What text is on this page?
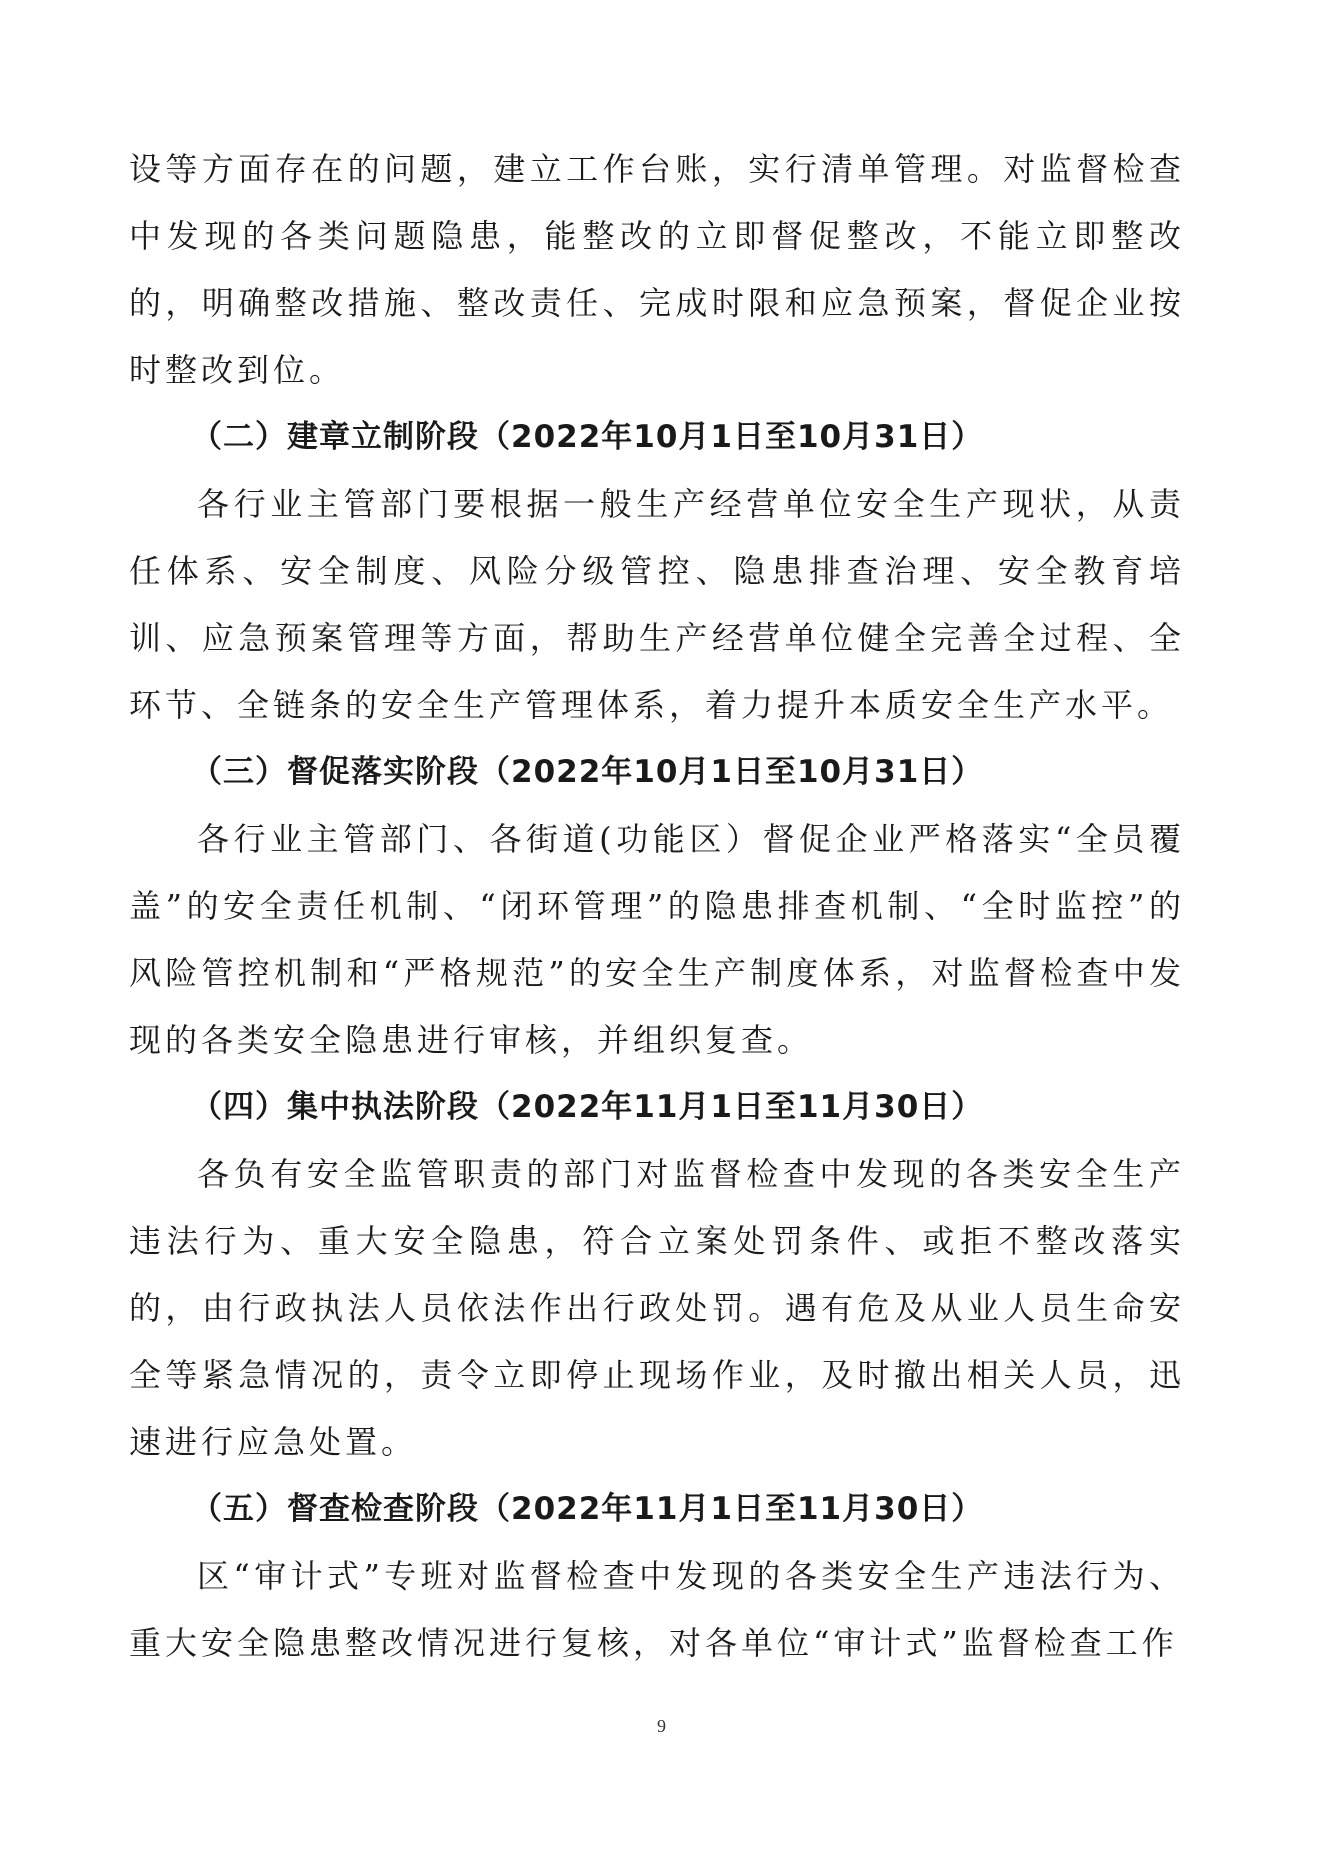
设等方面存在的问题，建立工作台账，实行清单管理。对监督检查中发现的各类问题隐患，能整改的立即督促整改，不能立即整改的，明确整改措施、整改责任、完成时限和应急预案，督促企业按时整改到位。

（二）建章立制阶段（2022年10月1日至10月31日）

各行业主管部门要根据一般生产经营单位安全生产现状，从责任体系、安全制度、风险分级管控、隐患排查治理、安全教育培训、应急预案管理等方面，帮助生产经营单位健全完善全过程、全环节、全链条的安全生产管理体系，着力提升本质安全生产水平。

（三）督促落实阶段（2022年10月1日至10月31日）

各行业主管部门、各街道(功能区）督促企业严格落实“全员覆盖”的安全责任机制、“闭环管理”的隐患排查机制、“全时监控”的风险管控机制和“严格规范”的安全生产制度体系，对监督检查中发现的各类安全隐患进行审核，并组织复查。

（四）集中执法阶段（2022年11月1日至11月30日）

各负有安全监管职责的部门对监督检查中发现的各类安全生产违法行为、重大安全隐患，符合立案处罚条件、或拒不整改落实的，由行政执法人员依法作出行政处罚。遇有危及从业人员生命安全等紧急情况的，责令立即停止现场作业，及时撤出相关人员，迅速进行应急处置。

（五）督查检查阶段（2022年11月1日至11月30日）

区“审计式”专班对监督检查中发现的各类安全生产违法行为、重大安全隐患整改情况进行复核，对各单位“审计式”监督检查工作

9
